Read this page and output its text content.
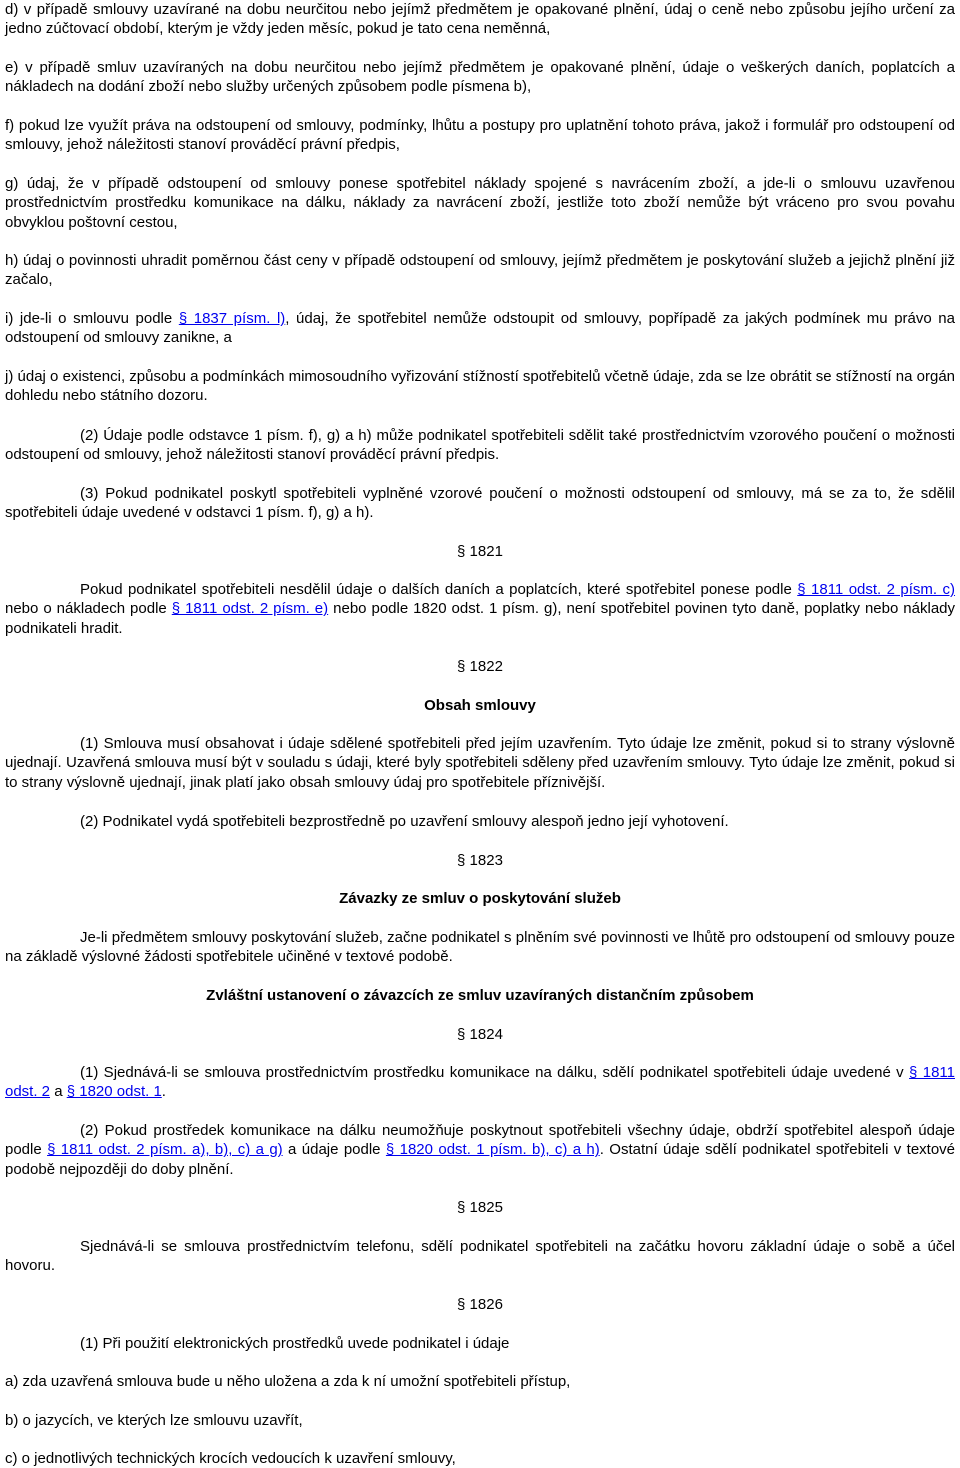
d) v případě smlouvy uzavírané na dobu neurčitou nebo jejímž předmětem je opakované plnění, údaj o ceně nebo způsobu jejího určení za jedno zúčtovací období, kterým je vždy jeden měsíc, pokud je tato cena neměnná,

e) v případě smluv uzavíraných na dobu neurčitou nebo jejímž předmětem je opakované plnění, údaje o veškerých daních, poplatcích a nákladech na dodání zboží nebo služby určených způsobem podle písmena b),

f) pokud lze využít práva na odstoupení od smlouvy, podmínky, lhůtu a postupy pro uplatnění tohoto práva, jakož i formulář pro odstoupení od smlouvy, jehož náležitosti stanoví prováděcí právní předpis,

g) údaj, že v případě odstoupení od smlouvy ponese spotřebitel náklady spojené s navrácením zboží, a jde-li o smlouvu uzavřenou prostřednictvím prostředku komunikace na dálku, náklady za navrácení zboží, jestliže toto zboží nemůže být vráceno pro svou povahu obvyklou poštovní cestou,

h) údaj o povinnosti uhradit poměrnou část ceny v případě odstoupení od smlouvy, jejímž předmětem je poskytování služeb a jejichž plnění již začalo,

i) jde-li o smlouvu podle § 1837 písm. l), údaj, že spotřebitel nemůže odstoupit od smlouvy, popřípadě za jakých podmínek mu právo na odstoupení od smlouvy zanikne, a

j) údaj o existenci, způsobu a podmínkách mimosoudního vyřizování stížností spotřebitelů včetně údaje, zda se lze obrátit se stížností na orgán dohledu nebo státního dozoru.

(2) Údaje podle odstavce 1 písm. f), g) a h) může podnikatel spotřebiteli sdělit také prostřednictvím vzorového poučení o možnosti odstoupení od smlouvy, jehož náležitosti stanoví prováděcí právní předpis.

(3) Pokud podnikatel poskytl spotřebiteli vyplněné vzorové poučení o možnosti odstoupení od smlouvy, má se za to, že sdělil spotřebiteli údaje uvedené v odstavci 1 písm. f), g) a h).

§ 1821

Pokud podnikatel spotřebiteli nesdělil údaje o dalších daních a poplatcích, které spotřebitel ponese podle § 1811 odst. 2 písm. c) nebo o nákladech podle § 1811 odst. 2 písm. e) nebo podle 1820 odst. 1 písm. g), není spotřebitel povinen tyto daně, poplatky nebo náklady podnikateli hradit.

§ 1822

Obsah smlouvy

(1) Smlouva musí obsahovat i údaje sdělené spotřebiteli před jejím uzavřením. Tyto údaje lze změnit, pokud si to strany výslovně ujednají. Uzavřená smlouva musí být v souladu s údaji, které byly spotřebiteli sděleny před uzavřením smlouvy. Tyto údaje lze změnit, pokud si to strany výslovně ujednají, jinak platí jako obsah smlouvy údaj pro spotřebitele příznivější.

(2) Podnikatel vydá spotřebiteli bezprostředně po uzavření smlouvy alespoň jedno její vyhotovení.

§ 1823

Závazky ze smluv o poskytování služeb

Je-li předmětem smlouvy poskytování služeb, začne podnikatel s plněním své povinnosti ve lhůtě pro odstoupení od smlouvy pouze na základě výslovné žádosti spotřebitele učiněné v textové podobě.

Zvláštní ustanovení o závazcích ze smluv uzavíraných distančním způsobem

§ 1824

(1) Sjednává-li se smlouva prostřednictvím prostředku komunikace na dálku, sdělí podnikatel spotřebiteli údaje uvedené v § 1811 odst. 2 a § 1820 odst. 1.

(2) Pokud prostředek komunikace na dálku neumožňuje poskytnout spotřebiteli všechny údaje, obdrží spotřebitel alespoň údaje podle § 1811 odst. 2 písm. a), b), c) a g) a údaje podle § 1820 odst. 1 písm. b), c) a h). Ostatní údaje sdělí podnikatel spotřebiteli v textové podobě nejpozději do doby plnění.

§ 1825

Sjednává-li se smlouva prostřednictvím telefonu, sdělí podnikatel spotřebiteli na začátku hovoru základní údaje o sobě a účel hovoru.

§ 1826

(1) Při použití elektronických prostředků uvede podnikatel i údaje

a) zda uzavřená smlouva bude u něho uložena a zda k ní umožní spotřebiteli přístup,

b) o jazycích, ve kterých lze smlouvu uzavřít,

c) o jednotlivých technických krocích vedoucích k uzavření smlouvy,
